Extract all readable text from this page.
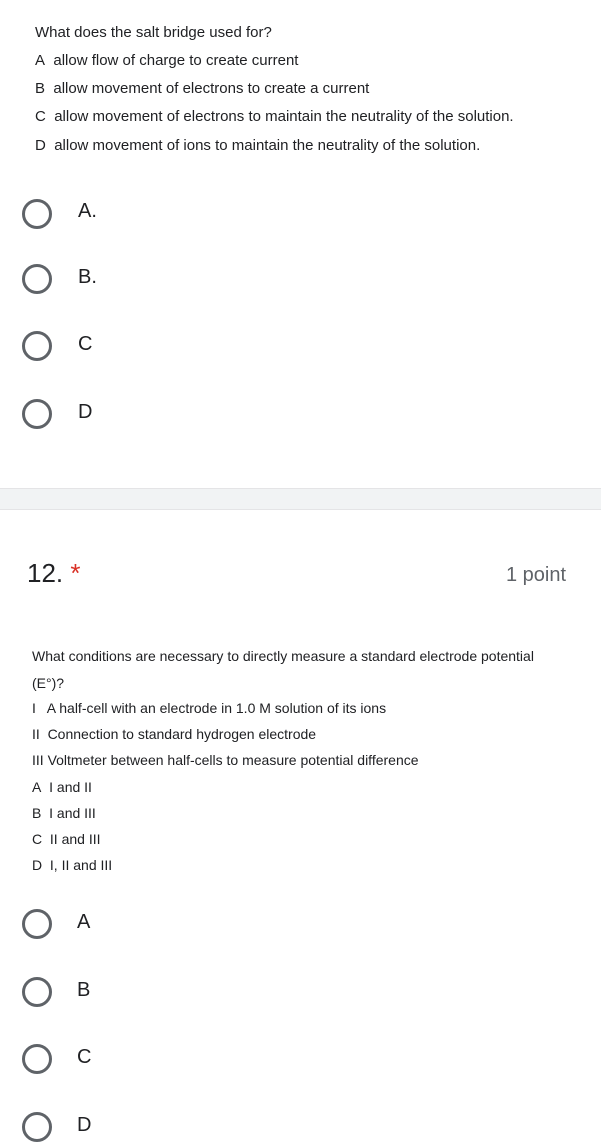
What does the salt bridge used for?
A allow flow of charge to create current
B allow movement of electrons to create a current
C allow movement of electrons to maintain the neutrality of the solution.
D allow movement of ions to maintain the neutrality of the solution.
A.
B.
C
D
12. *	1 point
What conditions are necessary to directly measure a standard electrode potential
(E°)?
I A half-cell with an electrode in 1.0 M solution of its ions
II Connection to standard hydrogen electrode
III Voltmeter between half-cells to measure potential difference
A I and II
B I and III
C II and III
D I, II and III
A
B
C
D
